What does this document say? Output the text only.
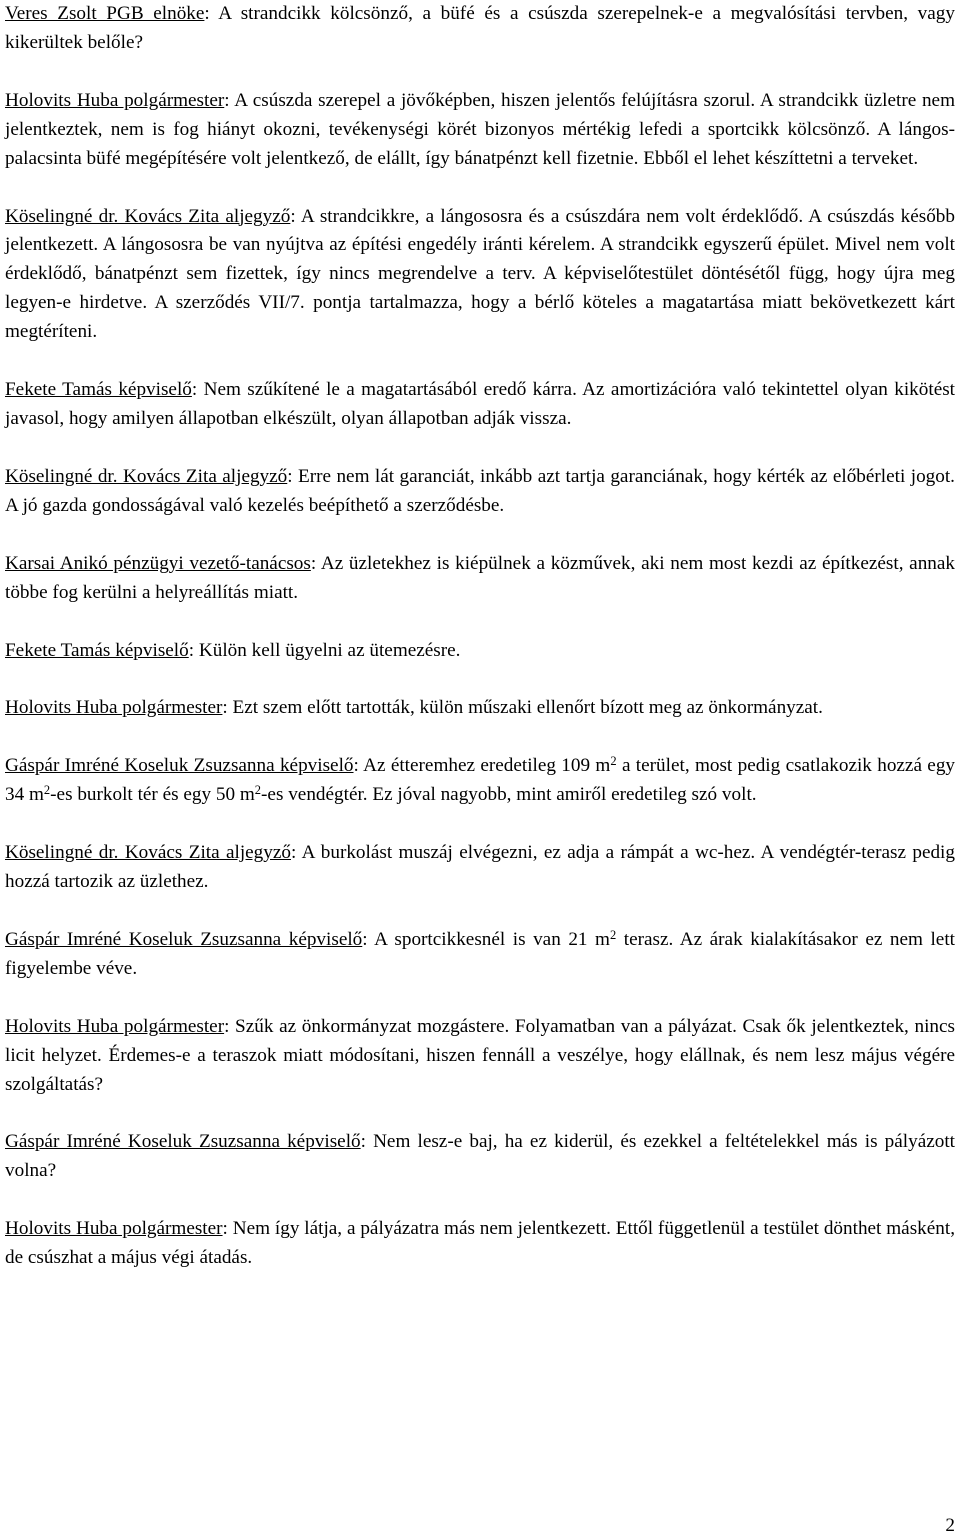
Veres Zsolt PGB elnöke: A strandcikk kölcsönző, a büfé és a csúszda szerepelnek-e a megvalósítási tervben, vagy kikerültek belőle?

Holovits Huba polgármester: A csúszda szerepel a jövőképben, hiszen jelentős felújításra szorul. A strandcikk üzletre nem jelentkeztek, nem is fog hiányt okozni, tevékenységi körét bizonyos mértékig lefedi a sportcikk kölcsönző. A lángos-palacsinta büfé megépítésére volt jelentkező, de elállt, így bánatpénzt kell fizetnie. Ebből el lehet készíttetni a terveket.

Köselingné dr. Kovács Zita aljegyző: A strandcikkre, a lángososra és a csúszdára nem volt érdeklődő. A csúszdás később jelentkezett. A lángososra be van nyújtva az építési engedély iránti kérelem. A strandcikk egyszerű épület. Mivel nem volt érdeklődő, bánatpénzt sem fizettek, így nincs megrendelve a terv. A képviselőtestület döntésétől függ, hogy újra meg legyen-e hirdetve. A szerződés VII/7. pontja tartalmazza, hogy a bérlő köteles a magatartása miatt bekövetkezett kárt megtéríteni.

Fekete Tamás képviselő: Nem szűkítené le a magatartásából eredő kárra. Az amortizációra való tekintettel olyan kikötést javasol, hogy amilyen állapotban elkészült, olyan állapotban adják vissza.

Köselingné dr. Kovács Zita aljegyző: Erre nem lát garanciát, inkább azt tartja garanciának, hogy kérték az előbérleti jogot. A jó gazda gondosságával való kezelés beépíthető a szerződésbe.

Karsai Anikó pénzügyi vezető-tanácsos: Az üzletekhez is kiépülnek a közművek, aki nem most kezdi az építkezést, annak többe fog kerülni a helyreállítás miatt.

Fekete Tamás képviselő: Külön kell ügyelni az ütemezésre.

Holovits Huba polgármester: Ezt szem előtt tartották, külön műszaki ellenőrt bízott meg az önkormányzat.

Gáspár Imréné Koseluk Zsuzsanna képviselő: Az étteremhez eredetileg 109 $m^2$ a terület, most pedig csatlakozik hozzá egy 34 $m^2-es$ burkolt tér és egy 50 $m^2-es$ vendégtér. Ez jóval nagyobb, mint amiről eredetileg szó volt.

Köselingné dr. Kovács Zita aljegyző: A burkolást muszáj elvégezni, ez adja a rámpát a wc-hez. A vendégtér-terasz pedig hozzá tartozik az üzlethez.

Gáspár Imréné Koseluk Zsuzsanna képviselő: A sportcikkesnél is van 21 $m^2$ terasz. Az árak kialakításakor ez nem lett figyelembe véve.

Holovits Huba polgármester: Szűk az önkormányzat mozgástere. Folyamatban van a pályázat. Csak ők jelentkeztek, nincs licit helyzet. Érdemes-e a teraszok miatt módosítani, hiszen fennáll a veszélye, hogy elállnak, és nem lesz május végére szolgáltatás?

Gáspár Imréné Koseluk Zsuzsanna képviselő: Nem lesz-e baj, ha ez kiderül, és ezekkel a feltételekkel más is pályázott volna?

Holovits Huba polgármester: Nem így látja, a pályázatra más nem jelentkezett. Ettől függetlenül a testület dönthet másként, de csúszhat a május végi átadás.

2
